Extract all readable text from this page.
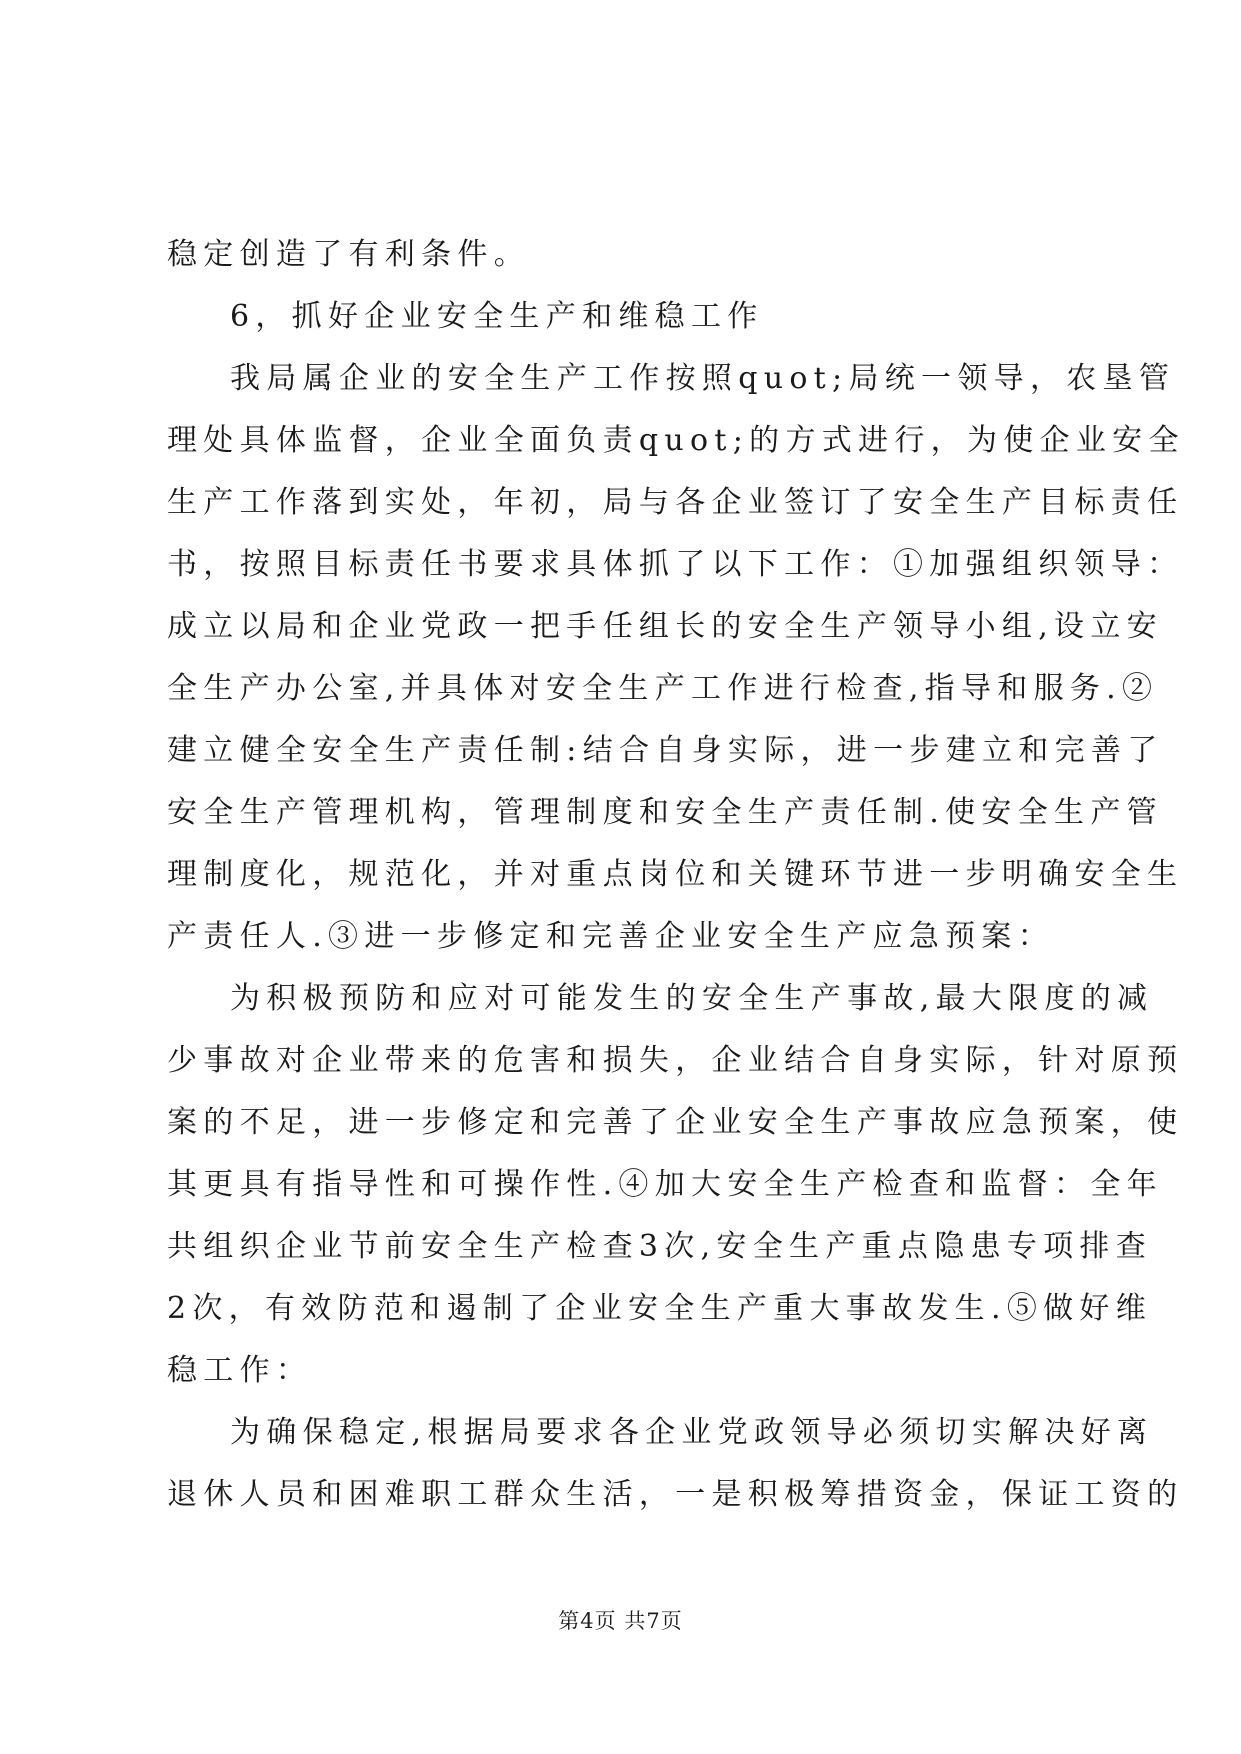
稳定创造了有利条件。
6，抓好企业安全生产和维稳工作
我局属企业的安全生产工作按照quot;局统一领导，农垦管
理处具体监督，企业全面负责quot;的方式进行，为使企业安全
生产工作落到实处，年初，局与各企业签订了安全生产目标责任
书，按照目标责任书要求具体抓了以下工作：①加强组织领导：
成立以局和企业党政一把手任组长的安全生产领导小组,设立安
全生产办公室,并具体对安全生产工作进行检查,指导和服务.②
建立健全安全生产责任制:结合自身实际，进一步建立和完善了
安全生产管理机构，管理制度和安全生产责任制.使安全生产管
理制度化，规范化，并对重点岗位和关键环节进一步明确安全生
产责任人.③进一步修定和完善企业安全生产应急预案：
为积极预防和应对可能发生的安全生产事故,最大限度的减
少事故对企业带来的危害和损失，企业结合自身实际，针对原预
案的不足，进一步修定和完善了企业安全生产事故应急预案，使
其更具有指导性和可操作性.④加大安全生产检查和监督：全年
共组织企业节前安全生产检查3次,安全生产重点隐患专项排查
2次，有效防范和遏制了企业安全生产重大事故发生.⑤做好维
稳工作：
为确保稳定,根据局要求各企业党政领导必须切实解决好离
退休人员和困难职工群众生活，一是积极筹措资金，保证工资的
第4页 共7页
